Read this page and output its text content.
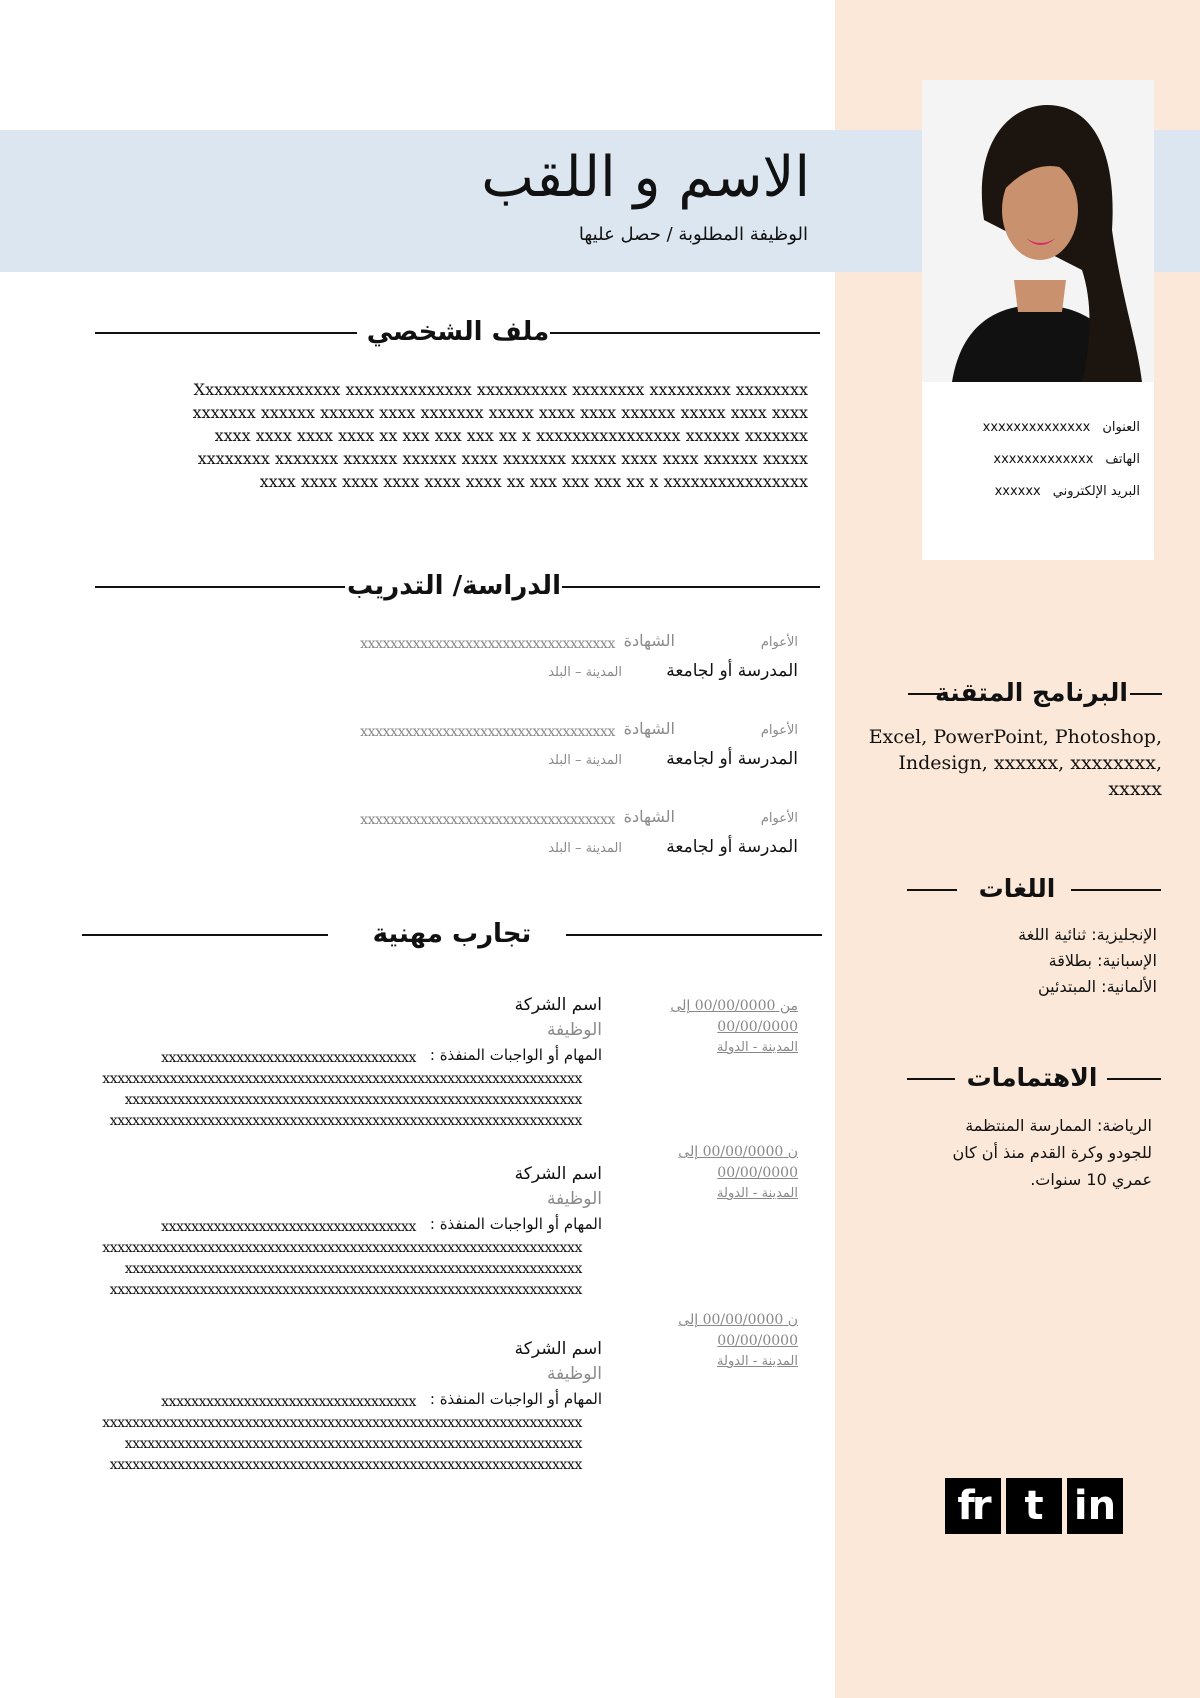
الاسم و اللقب
الوظيفة المطلوبة / حصل عليها
العنوانxxxxxxxxxxxxxx
الهاتفxxxxxxxxxxxxx
البريد الإلكترونيxxxxxx
ملف الشخصي
Xxxxxxxxxxxxxxxx xxxxxxxxxxxxxx xxxxxxxxxx xxxxxxxx xxxxxxxxx xxxxxxxx
xxxxxxx xxxxxx xxxxxx xxxx xxxxxxx xxxxx xxxx xxxx xxxxxx xxxxx xxxx xxxx
xxxx xxxx xxxx xxxx xx xxx xxx xxx xx x xxxxxxxxxxxxxxxx xxxxxx xxxxxxx
xxxxxxxx xxxxxxx xxxxxx xxxxxx xxxx xxxxxxx xxxxx xxxx xxxx xxxxxx xxxxx
xxxx xxxx xxxx xxxx xxxx xxxx xx xxx xxx xxx xx x xxxxxxxxxxxxxxxx
الدراسة/ التدريب
الأعوام
الشهادة
xxxxxxxxxxxxxxxxxxxxxxxxxxxxxxxxxx
المدرسة أو لجامعة
المدينة – البلد
الأعوام
الشهادة
xxxxxxxxxxxxxxxxxxxxxxxxxxxxxxxxxx
المدرسة أو لجامعة
المدينة – البلد
الأعوام
الشهادة
xxxxxxxxxxxxxxxxxxxxxxxxxxxxxxxxxx
المدرسة أو لجامعة
المدينة – البلد
تجارب مهنية
من 00/00/0000 إلى
00/00/0000
المدينة - الدولة
اسم الشركة
الوظيفة
المهام أو الواجبات المنفذة :
xxxxxxxxxxxxxxxxxxxxxxxxxxxxxxxxxx
xxxxxxxxxxxxxxxxxxxxxxxxxxxxxxxxxxxxxxxxxxxxxxxxxxxxxxxxxxxxxxxx
xxxxxxxxxxxxxxxxxxxxxxxxxxxxxxxxxxxxxxxxxxxxxxxxxxxxxxxxxxxxx
xxxxxxxxxxxxxxxxxxxxxxxxxxxxxxxxxxxxxxxxxxxxxxxxxxxxxxxxxxxxxxx
ن 00/00/0000 إلى
00/00/0000
المدينة - الدولة
اسم الشركة
الوظيفة
المهام أو الواجبات المنفذة :
xxxxxxxxxxxxxxxxxxxxxxxxxxxxxxxxxx
xxxxxxxxxxxxxxxxxxxxxxxxxxxxxxxxxxxxxxxxxxxxxxxxxxxxxxxxxxxxxxxx
xxxxxxxxxxxxxxxxxxxxxxxxxxxxxxxxxxxxxxxxxxxxxxxxxxxxxxxxxxxxx
xxxxxxxxxxxxxxxxxxxxxxxxxxxxxxxxxxxxxxxxxxxxxxxxxxxxxxxxxxxxxxx
ن 00/00/0000 إلى
00/00/0000
المدينة - الدولة
اسم الشركة
الوظيفة
المهام أو الواجبات المنفذة :
xxxxxxxxxxxxxxxxxxxxxxxxxxxxxxxxxx
xxxxxxxxxxxxxxxxxxxxxxxxxxxxxxxxxxxxxxxxxxxxxxxxxxxxxxxxxxxxxxxx
xxxxxxxxxxxxxxxxxxxxxxxxxxxxxxxxxxxxxxxxxxxxxxxxxxxxxxxxxxxxx
xxxxxxxxxxxxxxxxxxxxxxxxxxxxxxxxxxxxxxxxxxxxxxxxxxxxxxxxxxxxxxx
البرنامج المتقنة
Excel, PowerPoint, Photoshop,
Indesign, xxxxxx, xxxxxxxx,
xxxxx
اللغات
الإنجليزية: ثنائية اللغة
الإسبانية: بطلاقة
الألمانية: المبتدئين
الاهتمامات
الرياضة: الممارسة المنتظمة
للجودو وكرة القدم منذ أن كان
عمري 10 سنوات.
fr t in
